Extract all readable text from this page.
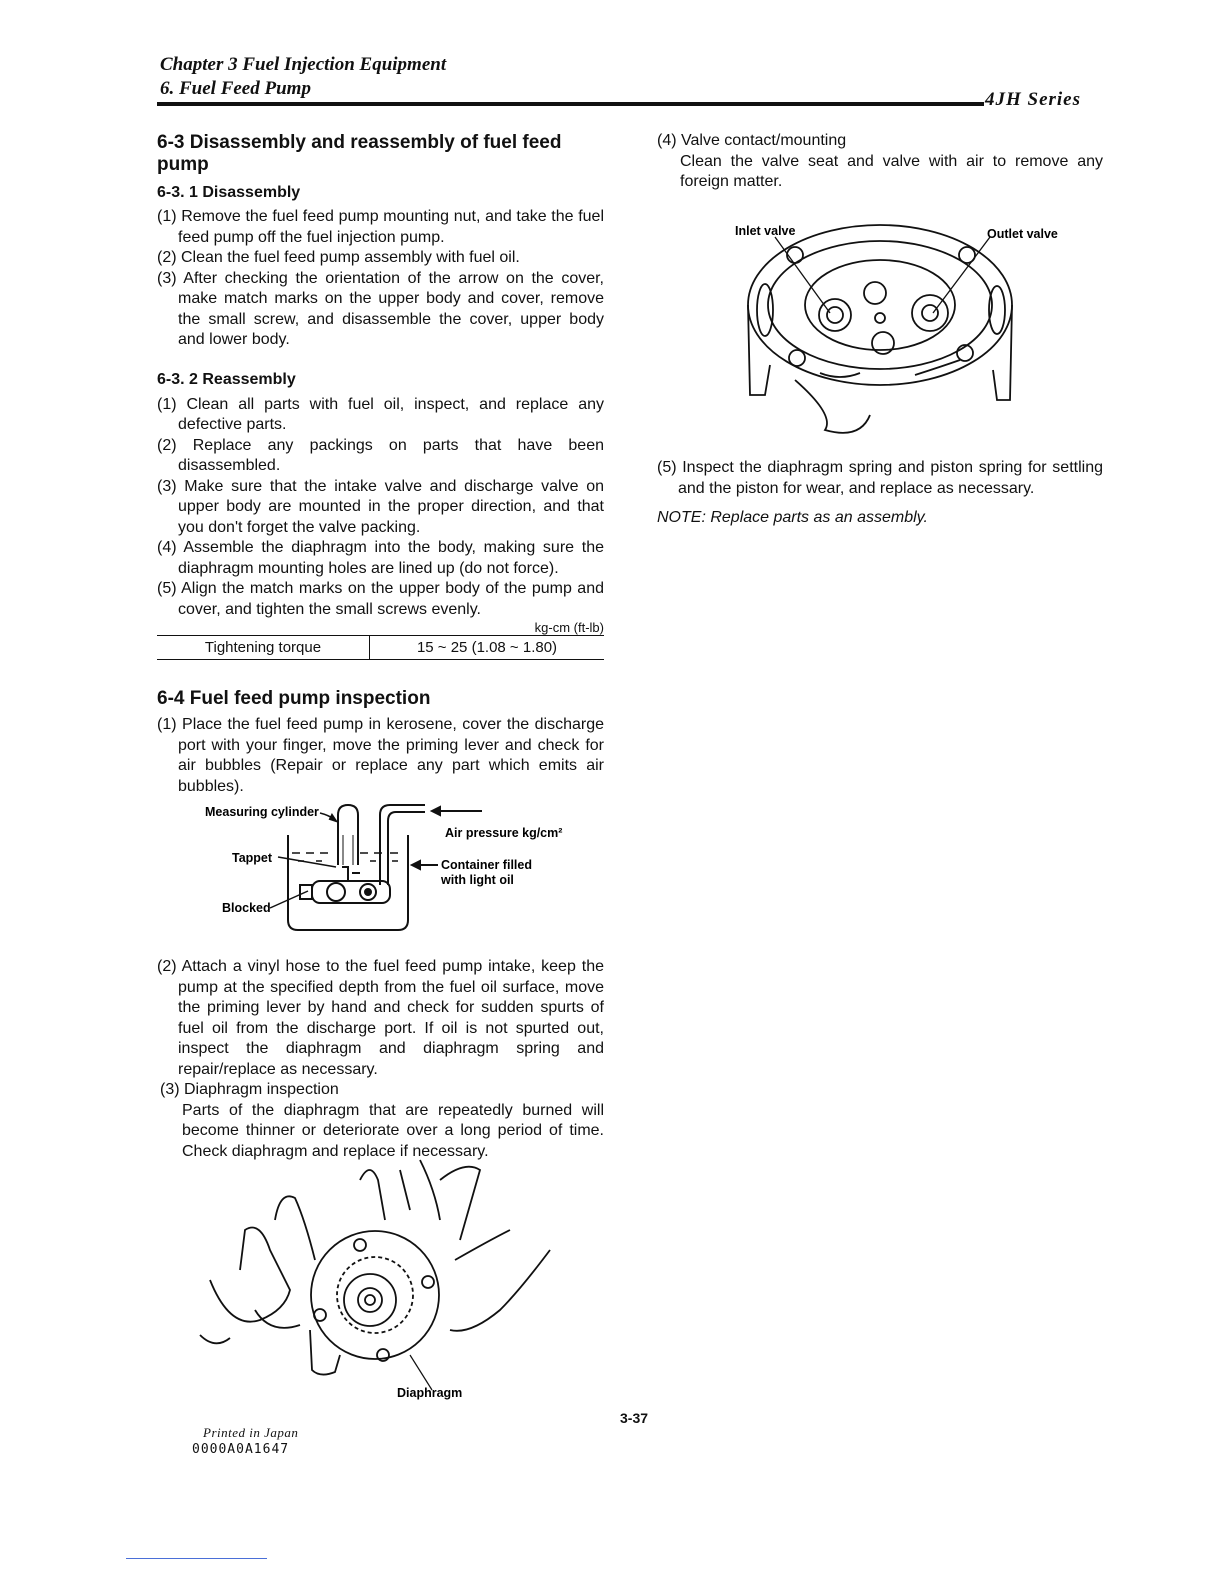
Chapter 3 Fuel Injection Equipment
6. Fuel Feed Pump
4JH Series

6-3 Disassembly and reassembly of fuel feed pump

6-3. 1 Disassembly

(1) Remove the fuel feed pump mounting nut, and take the fuel feed pump off the fuel injection pump.

(2) Clean the fuel feed pump assembly with fuel oil.

(3) After checking the orientation of the arrow on the cover, make match marks on the upper body and cover, remove the small screw, and disassemble the cover, upper body and lower body.

6-3. 2 Reassembly

(1) Clean all parts with fuel oil, inspect, and replace any defective parts.

(2) Replace any packings on parts that have been disassembled.

(3) Make sure that the intake valve and discharge valve on upper body are mounted in the proper direction, and that you don't forget the valve packing.

(4) Assemble the diaphragm into the body, making sure the diaphragm mounting holes are lined up (do not force).

(5) Align the match marks on the upper body of the pump and cover, and tighten the small screws evenly.

kg-cm (ft-lb)
Tightening torque	15 ~ 25 (1.08 ~ 1.80)

6-4 Fuel feed pump inspection

(1) Place the fuel feed pump in kerosene, cover the discharge port with your finger, move the priming lever and check for air bubbles (Repair or replace any part which emits air bubbles).

Measuring cylinder
Tappet
Blocked
Air pressure kg/cm²
Container filled
with light oil

(2) Attach a vinyl hose to the fuel feed pump intake, keep the pump at the specified depth from the fuel oil surface, move the priming lever by hand and check for sudden spurts of fuel oil from the discharge port. If oil is not spurted out, inspect the diaphragm and diaphragm spring and repair/replace as necessary.

(3) Diaphragm inspection

Parts of the diaphragm that are repeatedly burned will become thinner or deteriorate over a long period of time. Check diaphragm and replace if necessary.

Diaphragm

(4) Valve contact/mounting

Clean the valve seat and valve with air to remove any foreign matter.

Inlet valve	Outlet valve

(5) Inspect the diaphragm spring and piston spring for settling and the piston for wear, and replace as necessary.

NOTE: Replace parts as an assembly.

3-37
Printed in Japan
0000A0A1647
